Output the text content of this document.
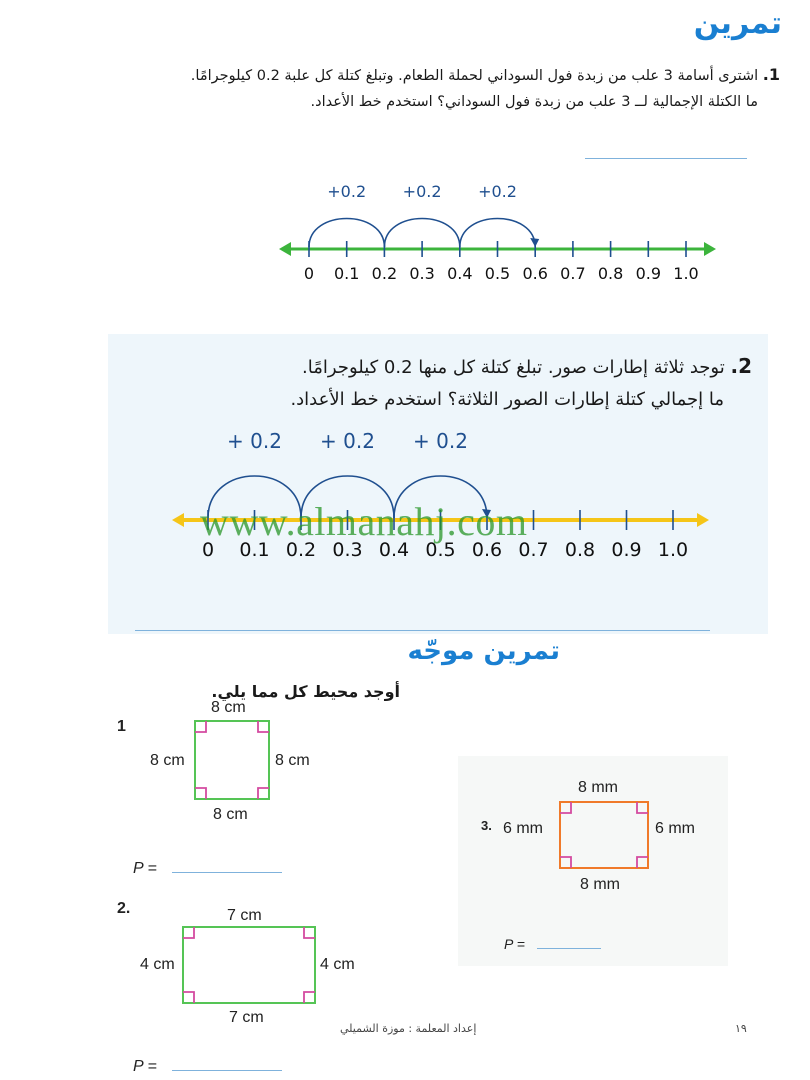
تمرين
1. اشترى أسامة 3 علب من زبدة فول السوداني لحملة الطعام. وتبلغ كتلة كل علبة 0.2 كيلوجرامًا.
ما الكتلة الإجمالية لــ 3 علب من زبدة فول السوداني؟ استخدم خط الأعداد.
0 0.1 0.2 0.3 0.4 0.5 0.6 0.7 0.8 0.9 1.0
+0.2 +0.2 +0.2
2. توجد ثلاثة إطارات صور. تبلغ كتلة كل منها 0.2 كيلوجرامًا.
ما إجمالي كتلة إطارات الصور الثلاثة؟ استخدم خط الأعداد.
0 0.1 0.2 0.3 0.4 0.5 0.6 0.7 0.8 0.9 1.0
+ 0.2 + 0.2 + 0.2
www.almanahj.com
تمرين موجّه
أوجد محيط كل مما يلي.
1
8 cm
8 cm	8 cm
8 cm
P =
2.	7 cm
4 cm	4 cm
7 cm
P =
3.
8 mm
6 mm	6 mm
8 mm
P =
إعداد المعلمة : موزة الشميلي	١٩
